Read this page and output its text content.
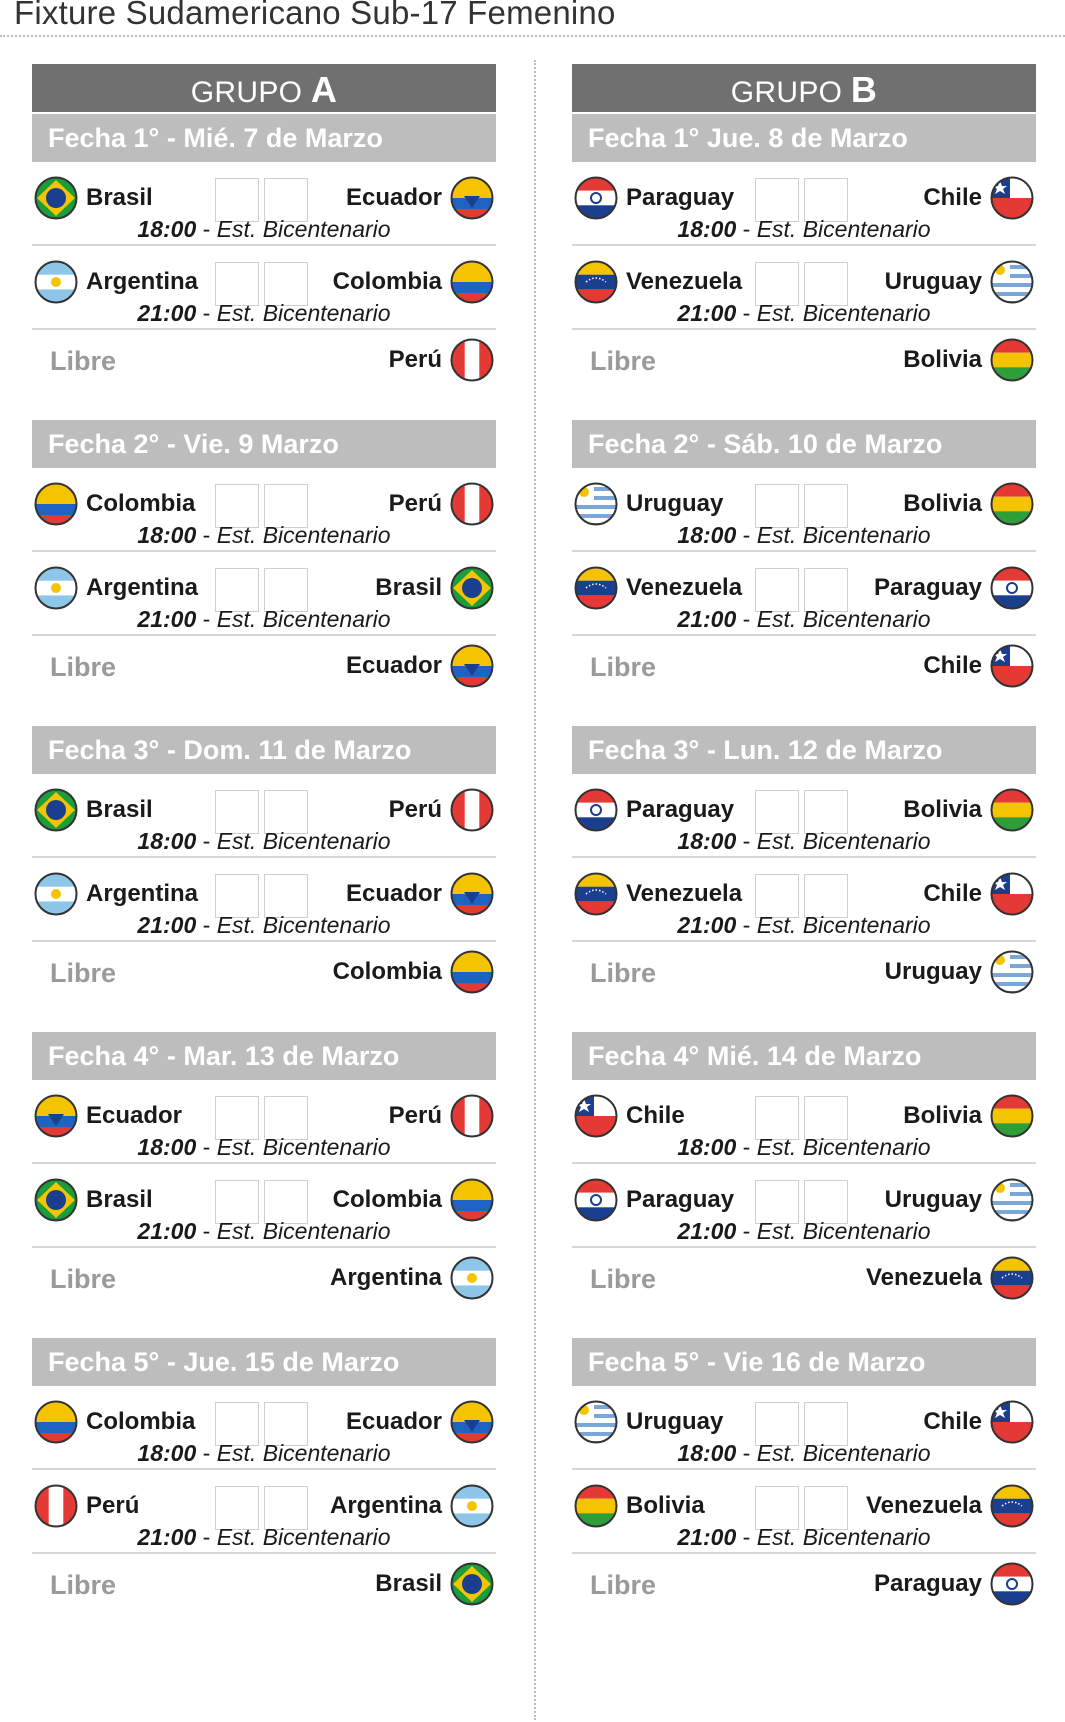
Fixture Sudamericano Sub-17 Femenino
GRUPO A
Fecha 1° - Mié. 7 de Marzo
Brasil	Ecuador
18:00 - Est. Bicentenario
Argentina	Colombia
21:00 - Est. Bicentenario
Libre	Perú
Fecha 2° - Vie. 9 Marzo
Colombia	Perú
18:00 - Est. Bicentenario
Argentina	Brasil
21:00 - Est. Bicentenario
Libre	Ecuador
Fecha 3° - Dom. 11 de Marzo
Brasil	Perú
18:00 - Est. Bicentenario
Argentina	Ecuador
21:00 - Est. Bicentenario
Libre	Colombia
Fecha 4° - Mar. 13 de Marzo
Ecuador	Perú
18:00 - Est. Bicentenario
Brasil	Colombia
21:00 - Est. Bicentenario
Libre	Argentina
Fecha 5° - Jue. 15 de Marzo
Colombia	Ecuador
18:00 - Est. Bicentenario
Perú	Argentina
21:00 - Est. Bicentenario
Libre	Brasil
GRUPO B
Fecha 1° Jue. 8 de Marzo
Paraguay	Chile
18:00 - Est. Bicentenario
Venezuela	Uruguay
21:00 - Est. Bicentenario
Libre	Bolivia
Fecha 2° - Sáb. 10 de Marzo
Uruguay	Bolivia
18:00 - Est. Bicentenario
Venezuela	Paraguay
21:00 - Est. Bicentenario
Libre	Chile
Fecha 3° - Lun. 12 de Marzo
Paraguay	Bolivia
18:00 - Est. Bicentenario
Venezuela	Chile
21:00 - Est. Bicentenario
Libre	Uruguay
Fecha 4° Mié. 14 de Marzo
Chile	Bolivia
18:00 - Est. Bicentenario
Paraguay	Uruguay
21:00 - Est. Bicentenario
Libre	Venezuela
Fecha 5° - Vie 16 de Marzo
Uruguay	Chile
18:00 - Est. Bicentenario
Bolivia	Venezuela
21:00 - Est. Bicentenario
Libre	Paraguay
